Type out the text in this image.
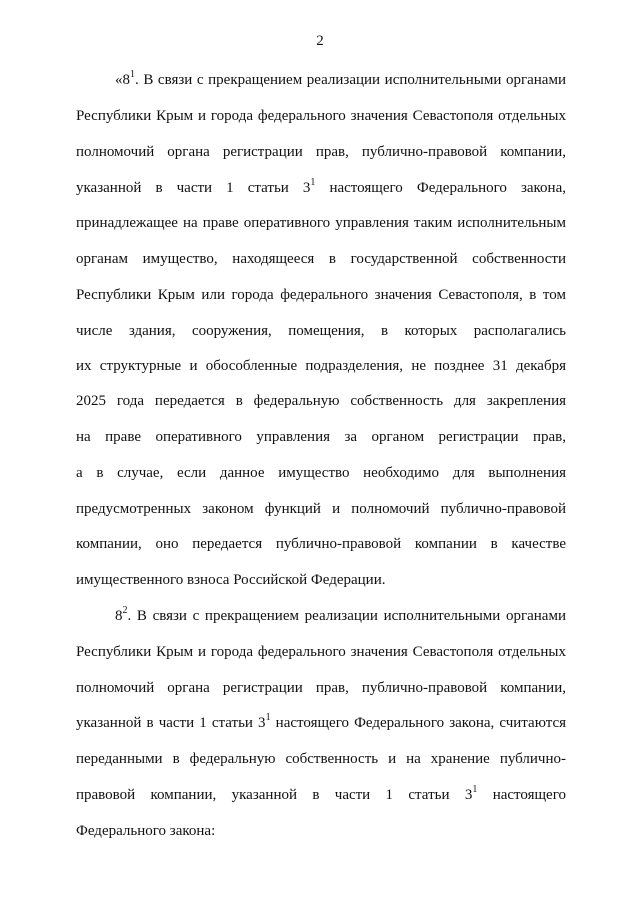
2
«$8^1$. В связи с прекращением реализации исполнительными органами
Республики Крым и города федерального значения Севастополя отдельных
полномочий органа регистрации прав, публично-правовой компании,
указанной в части 1 статьи $3^1$ настоящего Федерального закона,
принадлежащее на праве оперативного управления таким исполнительным
органам имущество, находящееся в государственной собственности
Республики Крым или города федерального значения Севастополя, в том
числе здания, сооружения, помещения, в которых располагались
их структурные и обособленные подразделения, не позднее 31 декабря
2025 года передается в федеральную собственность для закрепления
на праве оперативного управления за органом регистрации прав,
а в случае, если данное имущество необходимо для выполнения
предусмотренных законом функций и полномочий публично-правовой
компании, оно передается публично-правовой компании в качестве
имущественного взноса Российской Федерации.
$8^2$. В связи с прекращением реализации исполнительными органами
Республики Крым и города федерального значения Севастополя отдельных
полномочий органа регистрации прав, публично-правовой компании,
указанной в части 1 статьи $3^1$ настоящего Федерального закона, считаются
переданными в федеральную собственность и на хранение публично-
правовой компании, указанной в части 1 статьи $3^1$ настоящего
Федерального закона:
